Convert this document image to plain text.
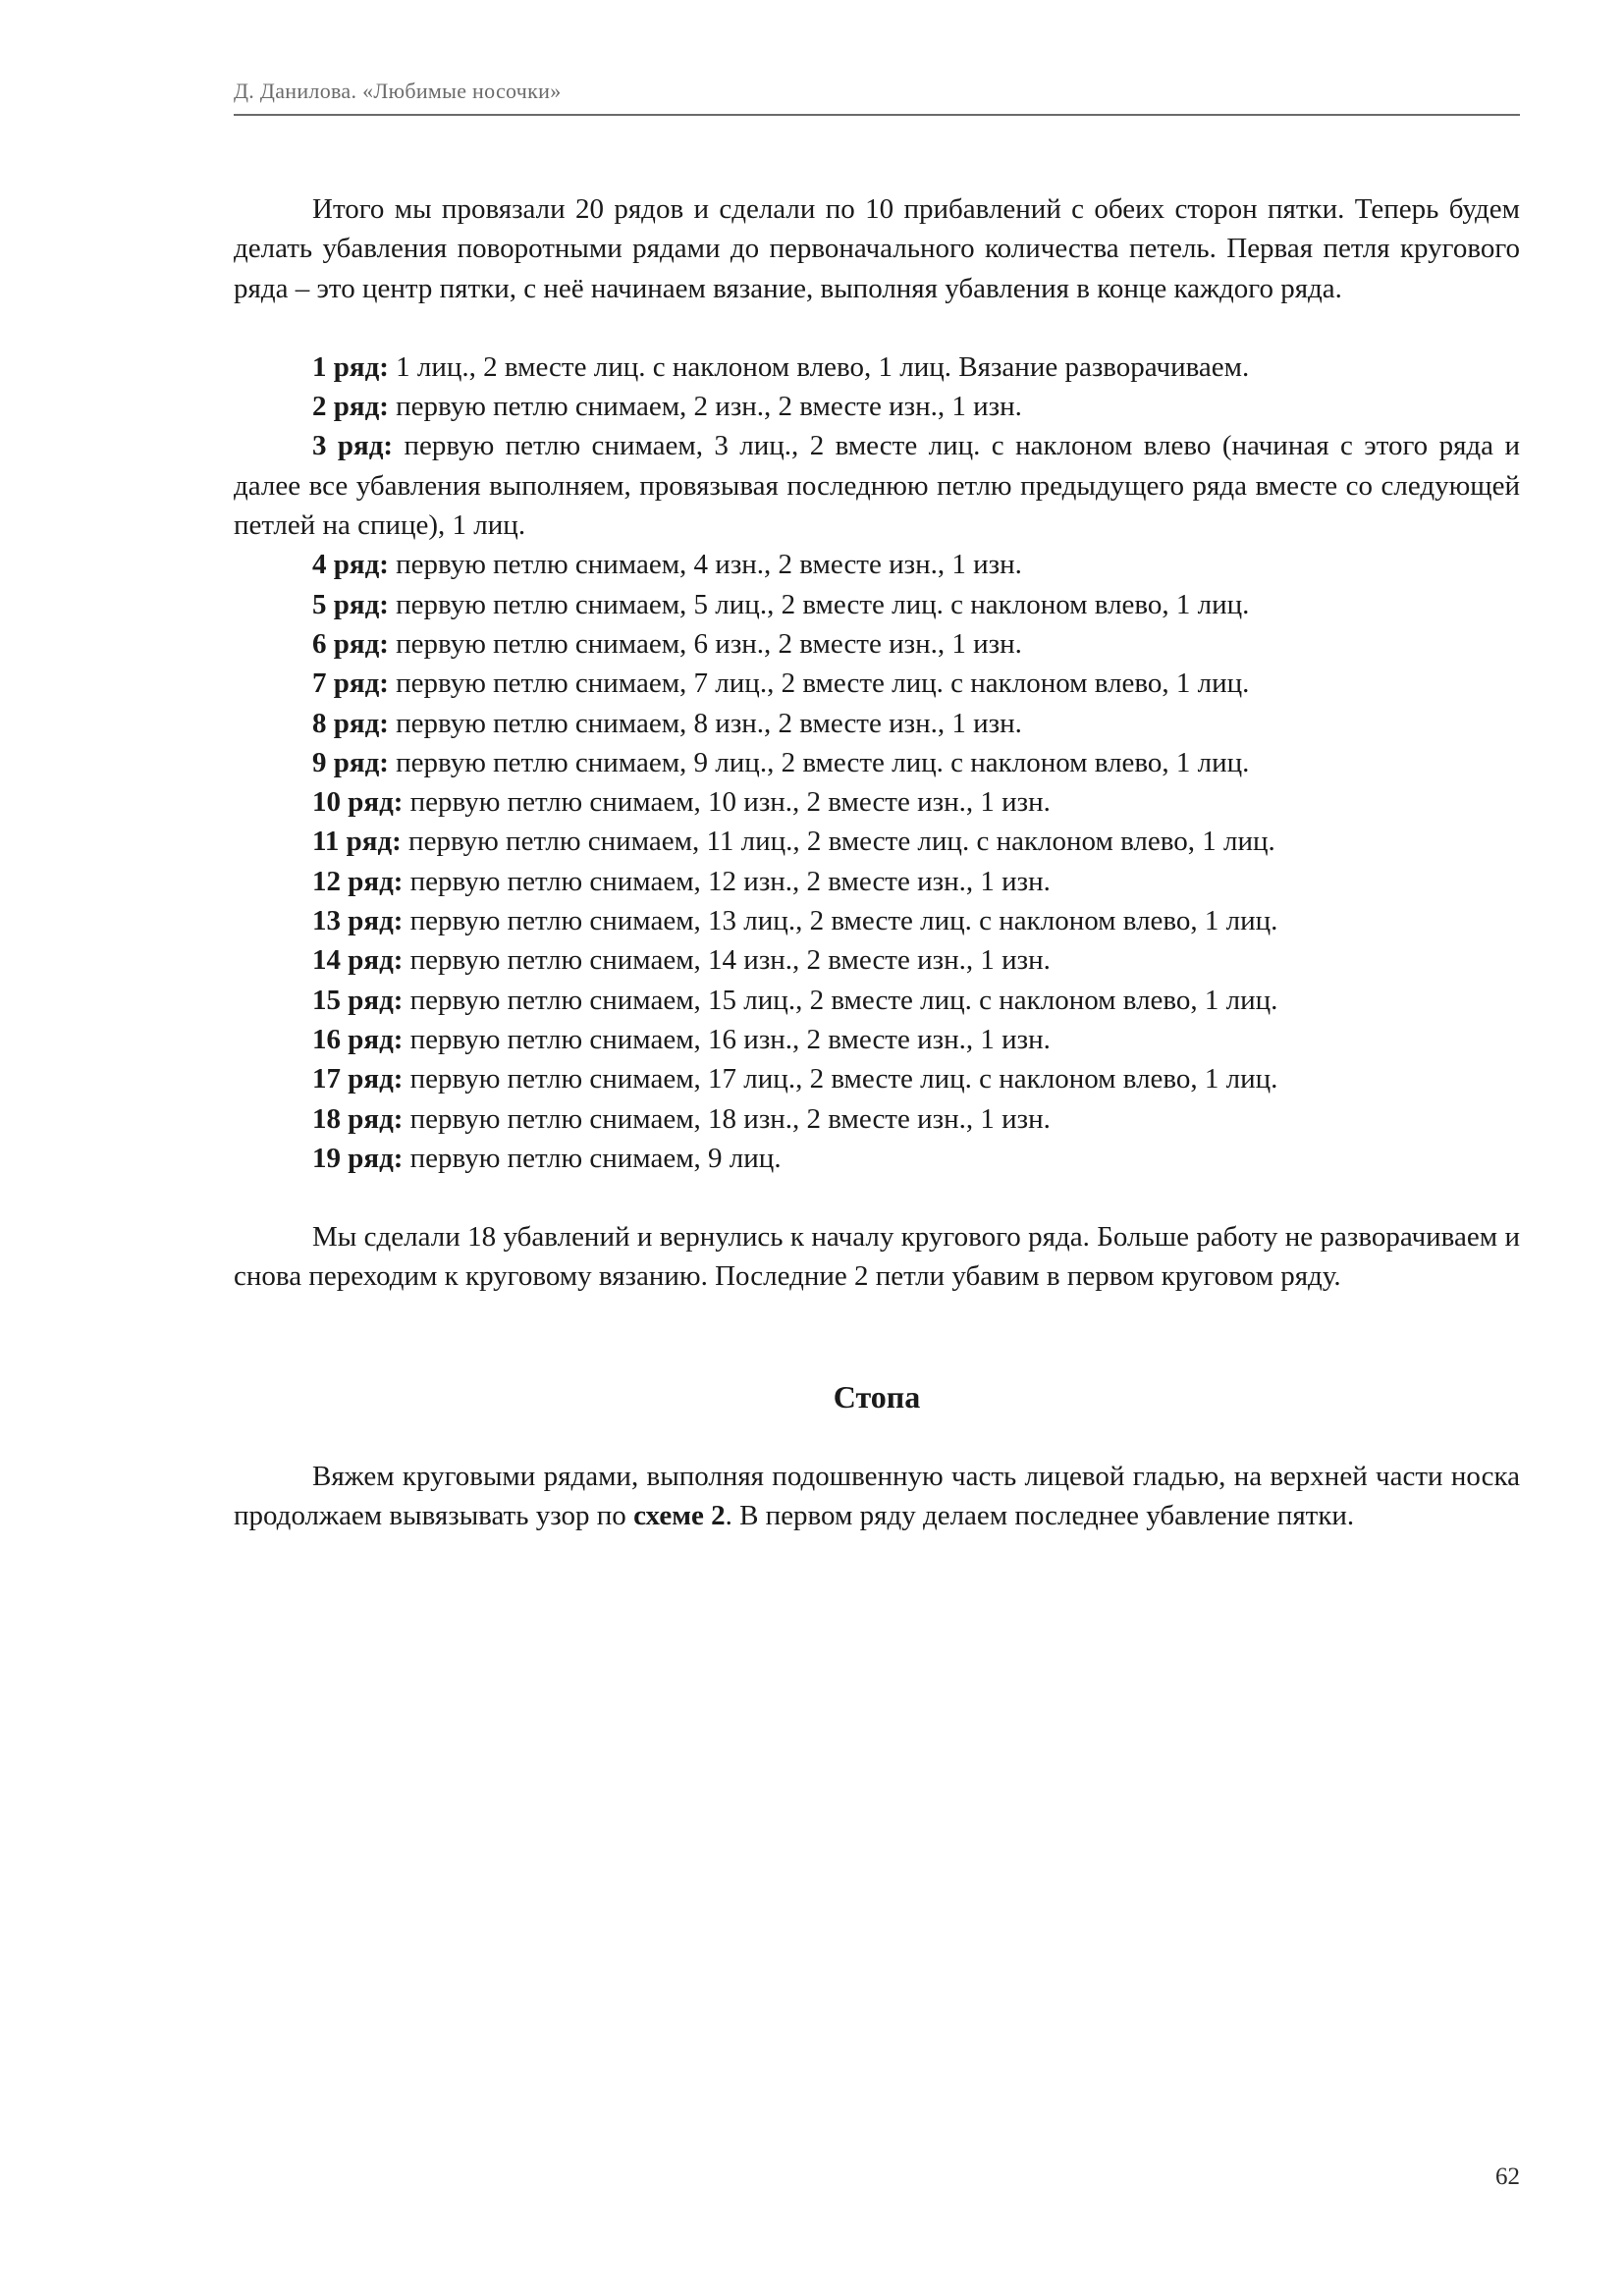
Д. Данилова. «Любимые носочки»

Итого мы провязали 20 рядов и сделали по 10 прибавлений с обеих сторон пятки. Теперь будем делать убавления поворотными рядами до первоначального количества петель. Первая петля кругового ряда – это центр пятки, с неё начинаем вязание, выполняя убавления в конце каждого ряда.

1 ряд: 1 лиц., 2 вместе лиц. с наклоном влево, 1 лиц. Вязание разворачиваем.

2 ряд: первую петлю снимаем, 2 изн., 2 вместе изн., 1 изн.

3 ряд: первую петлю снимаем, 3 лиц., 2 вместе лиц. с наклоном влево (начиная с этого ряда и далее все убавления выполняем, провязывая последнюю петлю предыдущего ряда вместе со следующей петлей на спице), 1 лиц.

4 ряд: первую петлю снимаем, 4 изн., 2 вместе изн., 1 изн.

5 ряд: первую петлю снимаем, 5 лиц., 2 вместе лиц. с наклоном влево, 1 лиц.

6 ряд: первую петлю снимаем, 6 изн., 2 вместе изн., 1 изн.

7 ряд: первую петлю снимаем, 7 лиц., 2 вместе лиц. с наклоном влево, 1 лиц.

8 ряд: первую петлю снимаем, 8 изн., 2 вместе изн., 1 изн.

9 ряд: первую петлю снимаем, 9 лиц., 2 вместе лиц. с наклоном влево, 1 лиц.

10 ряд: первую петлю снимаем, 10 изн., 2 вместе изн., 1 изн.

11 ряд: первую петлю снимаем, 11 лиц., 2 вместе лиц. с наклоном влево, 1 лиц.

12 ряд: первую петлю снимаем, 12 изн., 2 вместе изн., 1 изн.

13 ряд: первую петлю снимаем, 13 лиц., 2 вместе лиц. с наклоном влево, 1 лиц.

14 ряд: первую петлю снимаем, 14 изн., 2 вместе изн., 1 изн.

15 ряд: первую петлю снимаем, 15 лиц., 2 вместе лиц. с наклоном влево, 1 лиц.

16 ряд: первую петлю снимаем, 16 изн., 2 вместе изн., 1 изн.

17 ряд: первую петлю снимаем, 17 лиц., 2 вместе лиц. с наклоном влево, 1 лиц.

18 ряд: первую петлю снимаем, 18 изн., 2 вместе изн., 1 изн.

19 ряд: первую петлю снимаем, 9 лиц.

Мы сделали 18 убавлений и вернулись к началу кругового ряда. Больше работу не разворачиваем и снова переходим к круговому вязанию. Последние 2 петли убавим в первом круговом ряду.

Стопа

Вяжем круговыми рядами, выполняя подошвенную часть лицевой гладью, на верхней части носка продолжаем вывязывать узор по схеме 2. В первом ряду делаем последнее убавление пятки.

62
